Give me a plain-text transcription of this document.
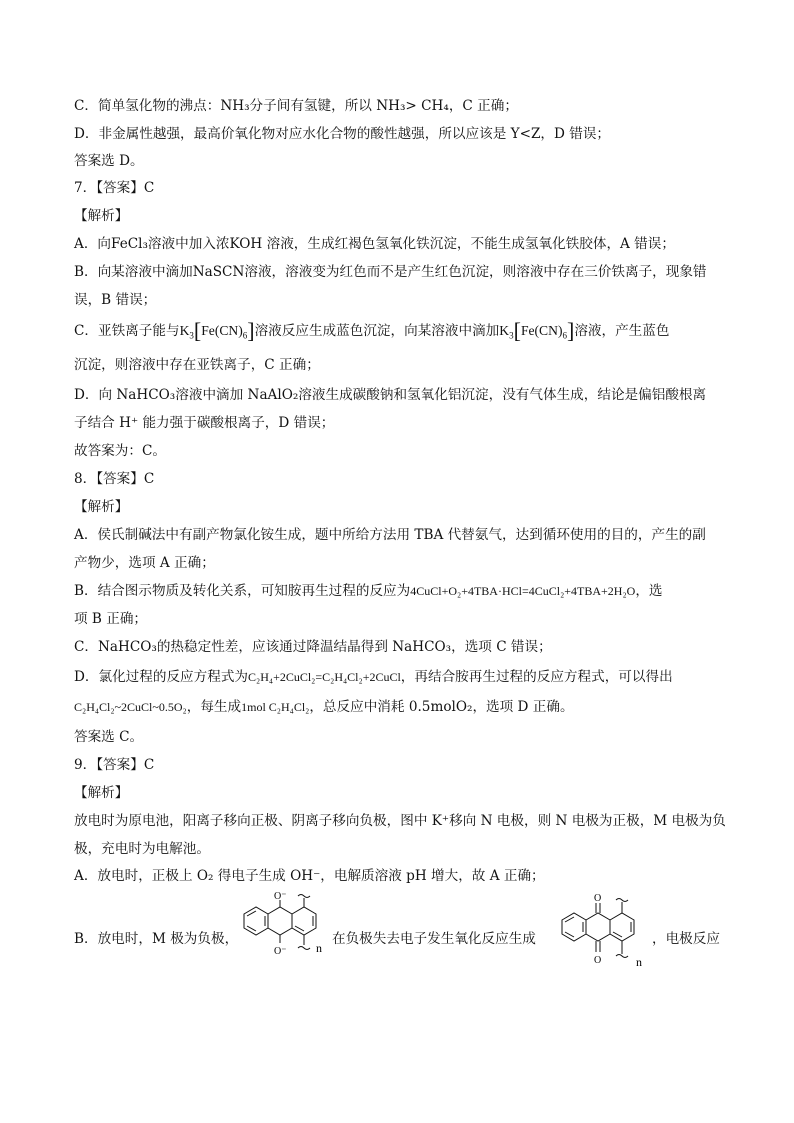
C．简单氢化物的沸点：NH₃分子间有氢键，所以 NH₃> CH₄，C 正确；
D．非金属性越强，最高价氧化物对应水化合物的酸性越强，所以应该是 Y<Z，D 错误；
答案选 D。
7．【答案】C
【解析】
A．向FeCl₃溶液中加入浓KOH 溶液，生成红褐色氢氧化铁沉淀，不能生成氢氧化铁胶体，A 错误；
B．向某溶液中滴加NaSCN溶液，溶液变为红色而不是产生红色沉淀，则溶液中存在三价铁离子，现象错
误，B 错误；
C．亚铁离子能与$K_3[Fe(CN)_6]$溶液反应生成蓝色沉淀，向某溶液中滴加$K_3[Fe(CN)_6]$溶液，产生蓝色
沉淀，则溶液中存在亚铁离子，C 正确；
D．向 NaHCO₃溶液中滴加 NaAlO₂溶液生成碳酸钠和氢氧化铝沉淀，没有气体生成，结论是偏铝酸根离
子结合 H⁺ 能力强于碳酸根离子，D 错误；
故答案为：C。
8．【答案】C
【解析】
A．侯氏制碱法中有副产物氯化铵生成，题中所给方法用 TBA 代替氨气，达到循环使用的目的，产生的副
产物少，选项 A 正确；
B．结合图示物质及转化关系，可知胺再生过程的反应为4CuCl+O₂+4TBA·HCl=4CuCl₂+4TBA+2H₂O，选
项 B 正确；
C．NaHCO₃的热稳定性差，应该通过降温结晶得到 NaHCO₃，选项 C 错误；
D．氯化过程的反应方程式为C₂H₄+2CuCl₂=C₂H₄Cl₂+2CuCl，再结合胺再生过程的反应方程式，可以得出
C₂H₄Cl₂~2CuCl~0.5O₂，每生成1mol C₂H₄Cl₂，总反应中消耗 0.5molO₂，选项 D 正确。
答案选 C。
9．【答案】C
【解析】
放电时为原电池，阳离子移向正极、阴离子移向负极，图中 K⁺移向 N 电极，则 N 电极为正极，M 电极为负
极，充电时为电解池。
A．放电时，正极上 O₂ 得电子生成 OH⁻，电解质溶液 pH 增大，故 A 正确；
B．放电时，M 极为负极，	在负极失去电子发生氧化反应生成	，电极反应
O⁻
O⁻ n
O
O	n
